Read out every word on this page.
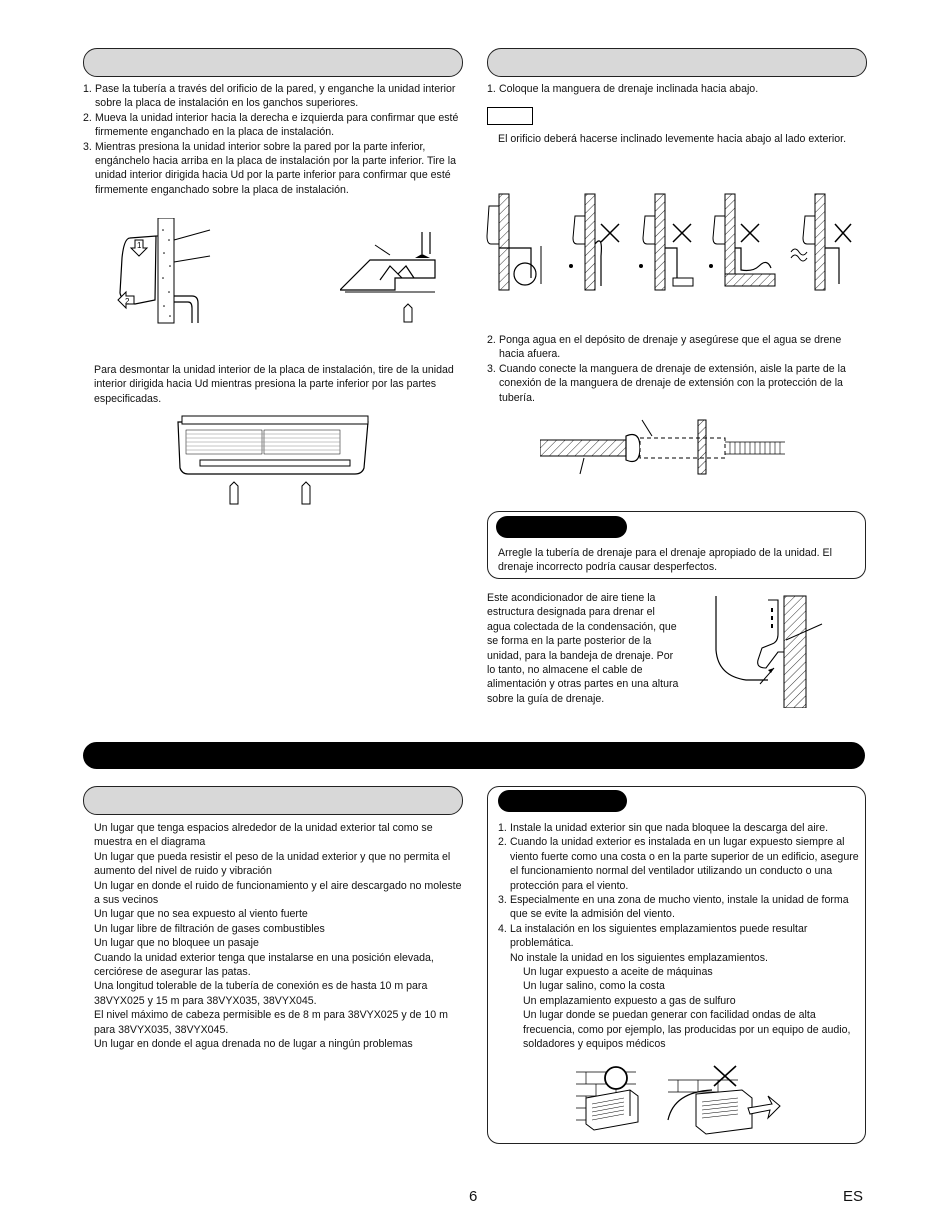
1. Pase la tubería a través del orificio de la pared, y enganche la unidad interior sobre la placa de instalación en los ganchos superiores.
2. Mueva la unidad interior hacia la derecha e izquierda para confirmar que esté firmemente enganchado en la placa de instalación.
3. Mientras presiona la unidad interior sobre la pared por la parte inferior, engánchelo hacia arriba en la placa de instalación por la parte inferior. Tire la unidad interior dirigida hacia Ud por la parte inferior para confirmar que esté firmemente enganchado sobre la placa de instalación.
1
2
Para desmontar la unidad interior de la placa de instalación, tire de la unidad interior dirigida hacia Ud mientras presiona la parte inferior por las partes especificadas.
1. Coloque la manguera de drenaje inclinada hacia abajo.
El orificio deberá hacerse inclinado levemente hacia abajo al lado exterior.
2. Ponga agua en el depósito de drenaje y asegúrese que el agua se drene hacia afuera.
3. Cuando conecte la manguera de drenaje de extensión, aisle la parte de la conexión de la manguera de drenaje de extensión con la protección de la tubería.
Arregle la tubería de drenaje para el drenaje apropiado de la unidad. El drenaje incorrecto podría causar desperfectos.
Este acondicionador de aire tiene la estructura designada para drenar el agua colectada de la condensación, que se forma en la parte posterior de la unidad, para la bandeja de drenaje. Por lo tanto, no almacene el cable de alimentación y otras partes en una altura sobre la guía de drenaje.

Un lugar que tenga espacios alrededor de la unidad exterior tal como se muestra en el diagrama

Un lugar que pueda resistir el peso de la unidad exterior y que no permita el aumento del nivel de ruido y vibración

Un lugar en donde el ruido de funcionamiento y el aire descargado no moleste a sus vecinos

Un lugar que no sea expuesto al viento fuerte

Un lugar libre de filtración de gases combustibles

Un lugar que no bloquee un pasaje

Cuando la unidad exterior tenga que instalarse en una posición elevada, cerciórese de asegurar las patas.

Una longitud tolerable de la tubería de conexión es de hasta 10 m para 38VYX025 y 15 m para 38VYX035, 38VYX045.

El nivel máximo de cabeza permisible es de 8 m para 38VYX025 y de 10 m para 38VYX035, 38VYX045.

Un lugar en donde el agua drenada no de lugar a ningún problemas

1. Instale la unidad exterior sin que nada bloquee la descarga del aire.
2. Cuando la unidad exterior es instalada en un lugar expuesto siempre al viento fuerte como una costa o en la parte superior de un edificio, asegure el funcionamiento normal del ventilador utilizando un conducto o una protección para el viento.
3. Especialmente en una zona de mucho viento, instale la unidad de forma que se evite la admisión del viento.
4. La instalación en los siguientes emplazamientos puede resultar problemática.
No instale la unidad en los siguientes emplazamientos.
Un lugar expuesto a aceite de máquinas
Un lugar salino, como la costa
Un emplazamiento expuesto a gas de sulfuro
Un lugar donde se puedan generar con facilidad ondas de alta frecuencia, como por ejemplo, las producidas por un equipo de audio, soldadores y equipos médicos
6	ES
